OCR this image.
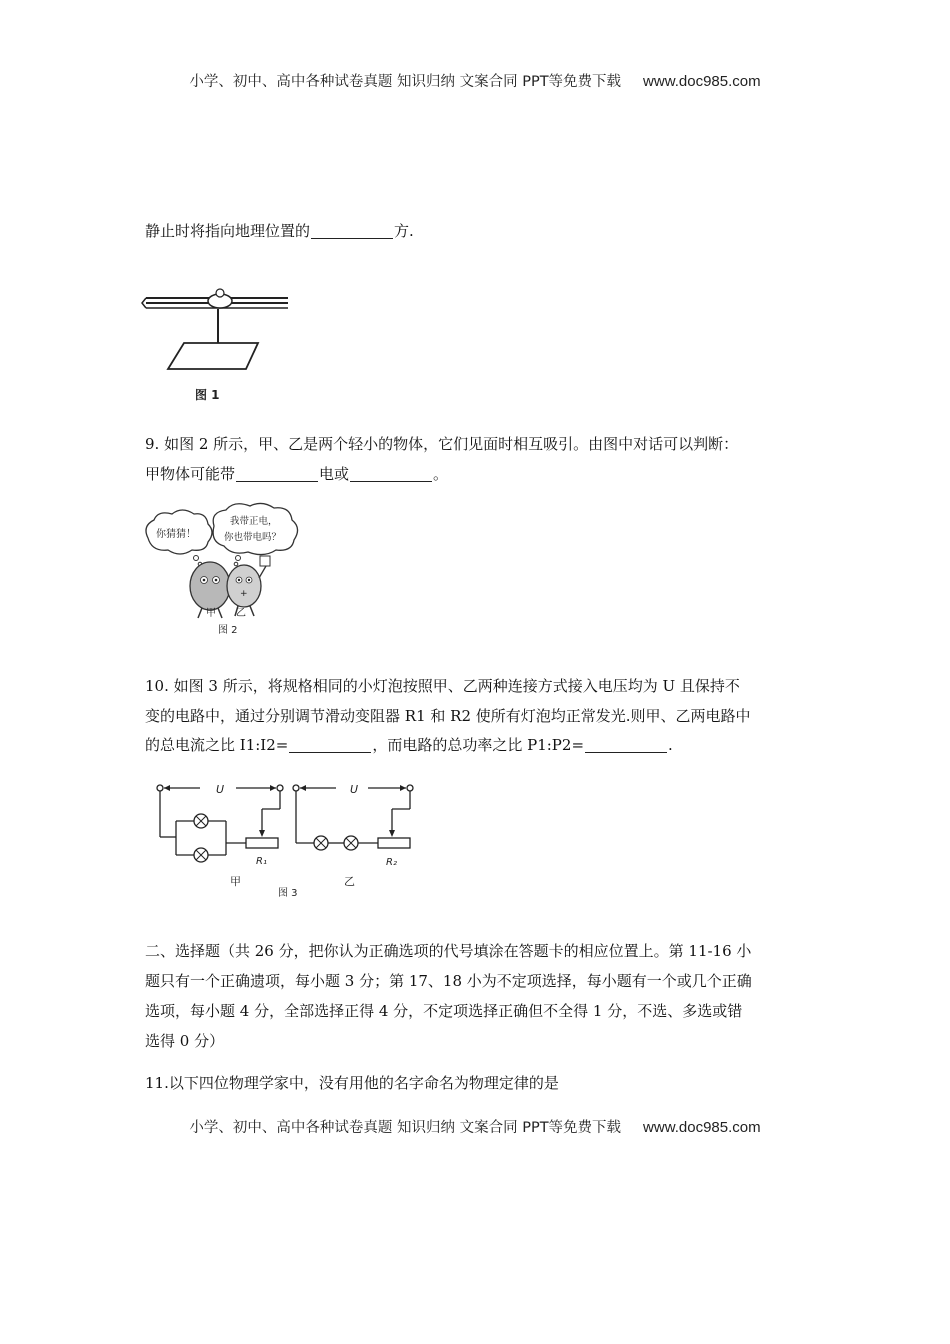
小学、初中、高中各种试卷真题 知识归纳 文案合同 PPT等免费下载 www.doc985.com
静止时将指向地理位置的	方.
图 1
9. 如图 2 所示，甲、乙是两个轻小的物体，它们见面时相互吸引。由图中对话可以判断：
甲物体可能带	电或	。
你猜猜！
我带正电，
你也带电吗？
+
甲 乙
图 2
10. 如图 3 所示，将规格相同的小灯泡按照甲、乙两种连接方式接入电压均为 U 且保持不
变的电路中，通过分别调节滑动变阻器 R1 和 R2 使所有灯泡均正常发光.则甲、乙两电路中
的总电流之比 I1:I2=	，而电路的总功率之比 P1:P2=	.
U
R₁
甲
U
R₂
乙
图 3
二、选择题（共 26 分，把你认为正确选项的代号填涂在答题卡的相应位置上。第 11-16 小
题只有一个正确遗项，每小题 3 分；第 17、18 小为不定项选择，每小题有一个或几个正确
选项，每小题 4 分，全部选择正得 4 分，不定项选择正确但不全得 1 分，不选、多选或错
选得 0 分）
11.以下四位物理学家中，没有用他的名字命名为物理定律的是
小学、初中、高中各种试卷真题 知识归纳 文案合同 PPT等免费下载 www.doc985.com
